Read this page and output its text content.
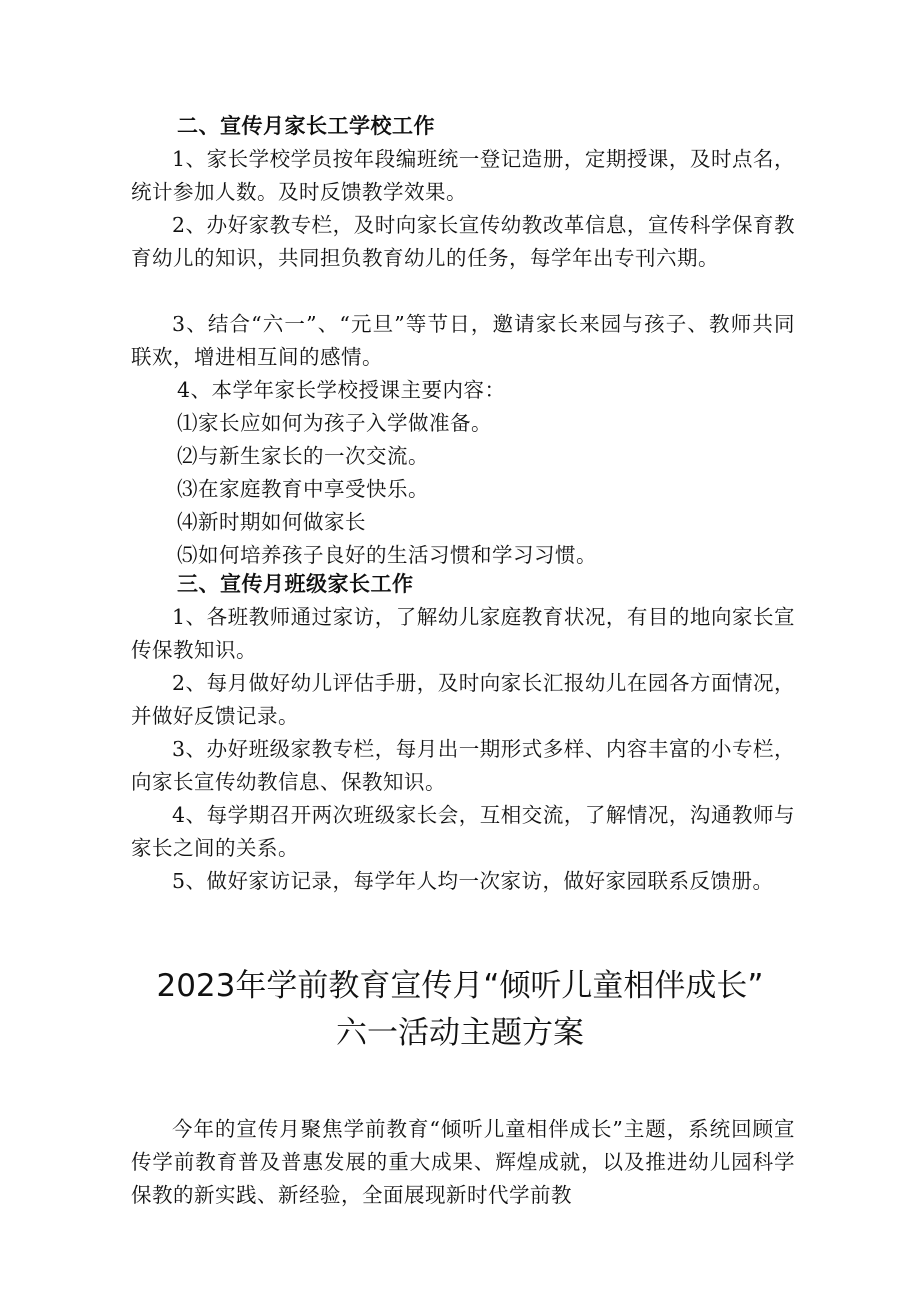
二、宣传月家长工学校工作

1、家长学校学员按年段编班统一登记造册，定期授课，及时点名，统计参加人数。及时反馈教学效果。

2、办好家教专栏，及时向家长宣传幼教改革信息，宣传科学保育教育幼儿的知识，共同担负教育幼儿的任务，每学年出专刊六期。

3、结合“六一”、“元旦”等节日，邀请家长来园与孩子、教师共同联欢，增进相互间的感情。

4、本学年家长学校授课主要内容：

⑴家长应如何为孩子入学做准备。

⑵与新生家长的一次交流。

⑶在家庭教育中享受快乐。

⑷新时期如何做家长

⑸如何培养孩子良好的生活习惯和学习习惯。

三、宣传月班级家长工作

1、各班教师通过家访，了解幼儿家庭教育状况，有目的地向家长宣传保教知识。

2、每月做好幼儿评估手册，及时向家长汇报幼儿在园各方面情况，并做好反馈记录。

3、办好班级家教专栏，每月出一期形式多样、内容丰富的小专栏，向家长宣传幼教信息、保教知识。

4、每学期召开两次班级家长会，互相交流，了解情况，沟通教师与家长之间的关系。

5、做好家访记录，每学年人均一次家访，做好家园联系反馈册。

2023年学前教育宣传月“倾听儿童相伴成长”
六一活动主题方案

今年的宣传月聚焦学前教育“倾听儿童相伴成长”主题，系统回顾宣传学前教育普及普惠发展的重大成果、辉煌成就，以及推进幼儿园科学保教的新实践、新经验，全面展现新时代学前教
